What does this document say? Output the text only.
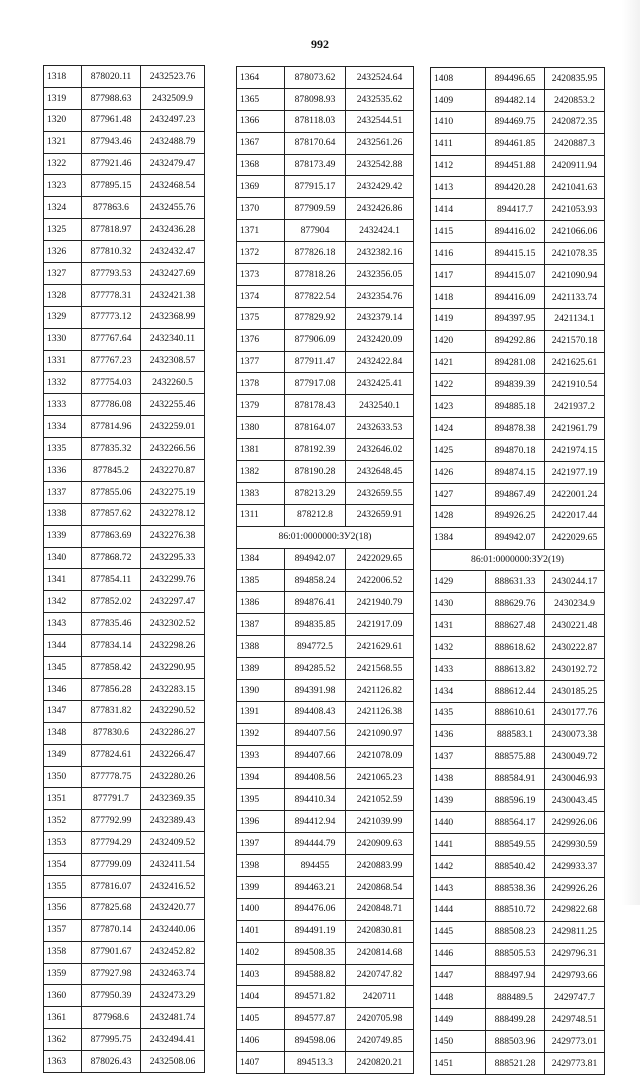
992
1318	878020.11	2432523.76
1319	877988.63	2432509.9
1320	877961.48	2432497.23
1321	877943.46	2432488.79
1322	877921.46	2432479.47
1323	877895.15	2432468.54
1324	877863.6	2432455.76
1325	877818.97	2432436.28
1326	877810.32	2432432.47
1327	877793.53	2432427.69
1328	877778.31	2432421.38
1329	877773.12	2432368.99
1330	877767.64	2432340.11
1331	877767.23	2432308.57
1332	877754.03	2432260.5
1333	877786.08	2432255.46
1334	877814.96	2432259.01
1335	877835.32	2432266.56
1336	877845.2	2432270.87
1337	877855.06	2432275.19
1338	877857.62	2432278.12
1339	877863.69	2432276.38
1340	877868.72	2432295.33
1341	877854.11	2432299.76
1342	877852.02	2432297.47
1343	877835.46	2432302.52
1344	877834.14	2432298.26
1345	877858.42	2432290.95
1346	877856.28	2432283.15
1347	877831.82	2432290.52
1348	877830.6	2432286.27
1349	877824.61	2432266.47
1350	877778.75	2432280.26
1351	877791.7	2432369.35
1352	877792.99	2432389.43
1353	877794.29	2432409.52
1354	877799.09	2432411.54
1355	877816.07	2432416.52
1356	877825.68	2432420.77
1357	877870.14	2432440.06
1358	877901.67	2432452.82
1359	877927.98	2432463.74
1360	877950.39	2432473.29
1361	877968.6	2432481.74
1362	877995.75	2432494.41
1363	878026.43	2432508.06
1364	878073.62	2432524.64
1365	878098.93	2432535.62
1366	878118.03	2432544.51
1367	878170.64	2432561.26
1368	878173.49	2432542.88
1369	877915.17	2432429.42
1370	877909.59	2432426.86
1371	877904	2432424.1
1372	877826.18	2432382.16
1373	877818.26	2432356.05
1374	877822.54	2432354.76
1375	877829.92	2432379.14
1376	877906.09	2432420.09
1377	877911.47	2432422.84
1378	877917.08	2432425.41
1379	878178.43	2432540.1
1380	878164.07	2432633.53
1381	878192.39	2432646.02
1382	878190.28	2432648.45
1383	878213.29	2432659.55
1311	878212.8	2432659.91
86:01:0000000:ЗУ2(18)		
1384	894942.07	2422029.65
1385	894858.24	2422006.52
1386	894876.41	2421940.79
1387	894835.85	2421917.09
1388	894772.5	2421629.61
1389	894285.52	2421568.55
1390	894391.98	2421126.82
1391	894408.43	2421126.38
1392	894407.56	2421090.97
1393	894407.66	2421078.09
1394	894408.56	2421065.23
1395	894410.34	2421052.59
1396	894412.94	2421039.99
1397	894444.79	2420909.63
1398	894455	2420883.99
1399	894463.21	2420868.54
1400	894476.06	2420848.71
1401	894491.19	2420830.81
1402	894508.35	2420814.68
1403	894588.82	2420747.82
1404	894571.82	2420711
1405	894577.87	2420705.98
1406	894598.06	2420749.85
1407	894513.3	2420820.21
1408	894496.65	2420835.95
1409	894482.14	2420853.2
1410	894469.75	2420872.35
1411	894461.85	2420887.3
1412	894451.88	2420911.94
1413	894420.28	2421041.63
1414	894417.7	2421053.93
1415	894416.02	2421066.06
1416	894415.15	2421078.35
1417	894415.07	2421090.94
1418	894416.09	2421133.74
1419	894397.95	2421134.1
1420	894292.86	2421570.18
1421	894281.08	2421625.61
1422	894839.39	2421910.54
1423	894885.18	2421937.2
1424	894878.38	2421961.79
1425	894870.18	2421974.15
1426	894874.15	2421977.19
1427	894867.49	2422001.24
1428	894926.25	2422017.44
1384	894942.07	2422029.65
86:01:0000000:ЗУ2(19)		
1429	888631.33	2430244.17
1430	888629.76	2430234.9
1431	888627.48	2430221.48
1432	888618.62	2430222.87
1433	888613.82	2430192.72
1434	888612.44	2430185.25
1435	888610.61	2430177.76
1436	888583.1	2430073.38
1437	888575.88	2430049.72
1438	888584.91	2430046.93
1439	888596.19	2430043.45
1440	888564.17	2429926.06
1441	888549.55	2429930.59
1442	888540.42	2429933.37
1443	888538.36	2429926.26
1444	888510.72	2429822.68
1445	888508.23	2429811.25
1446	888505.53	2429796.31
1447	888497.94	2429793.66
1448	888489.5	2429747.7
1449	888499.28	2429748.51
1450	888503.96	2429773.01
1451	888521.28	2429773.81
